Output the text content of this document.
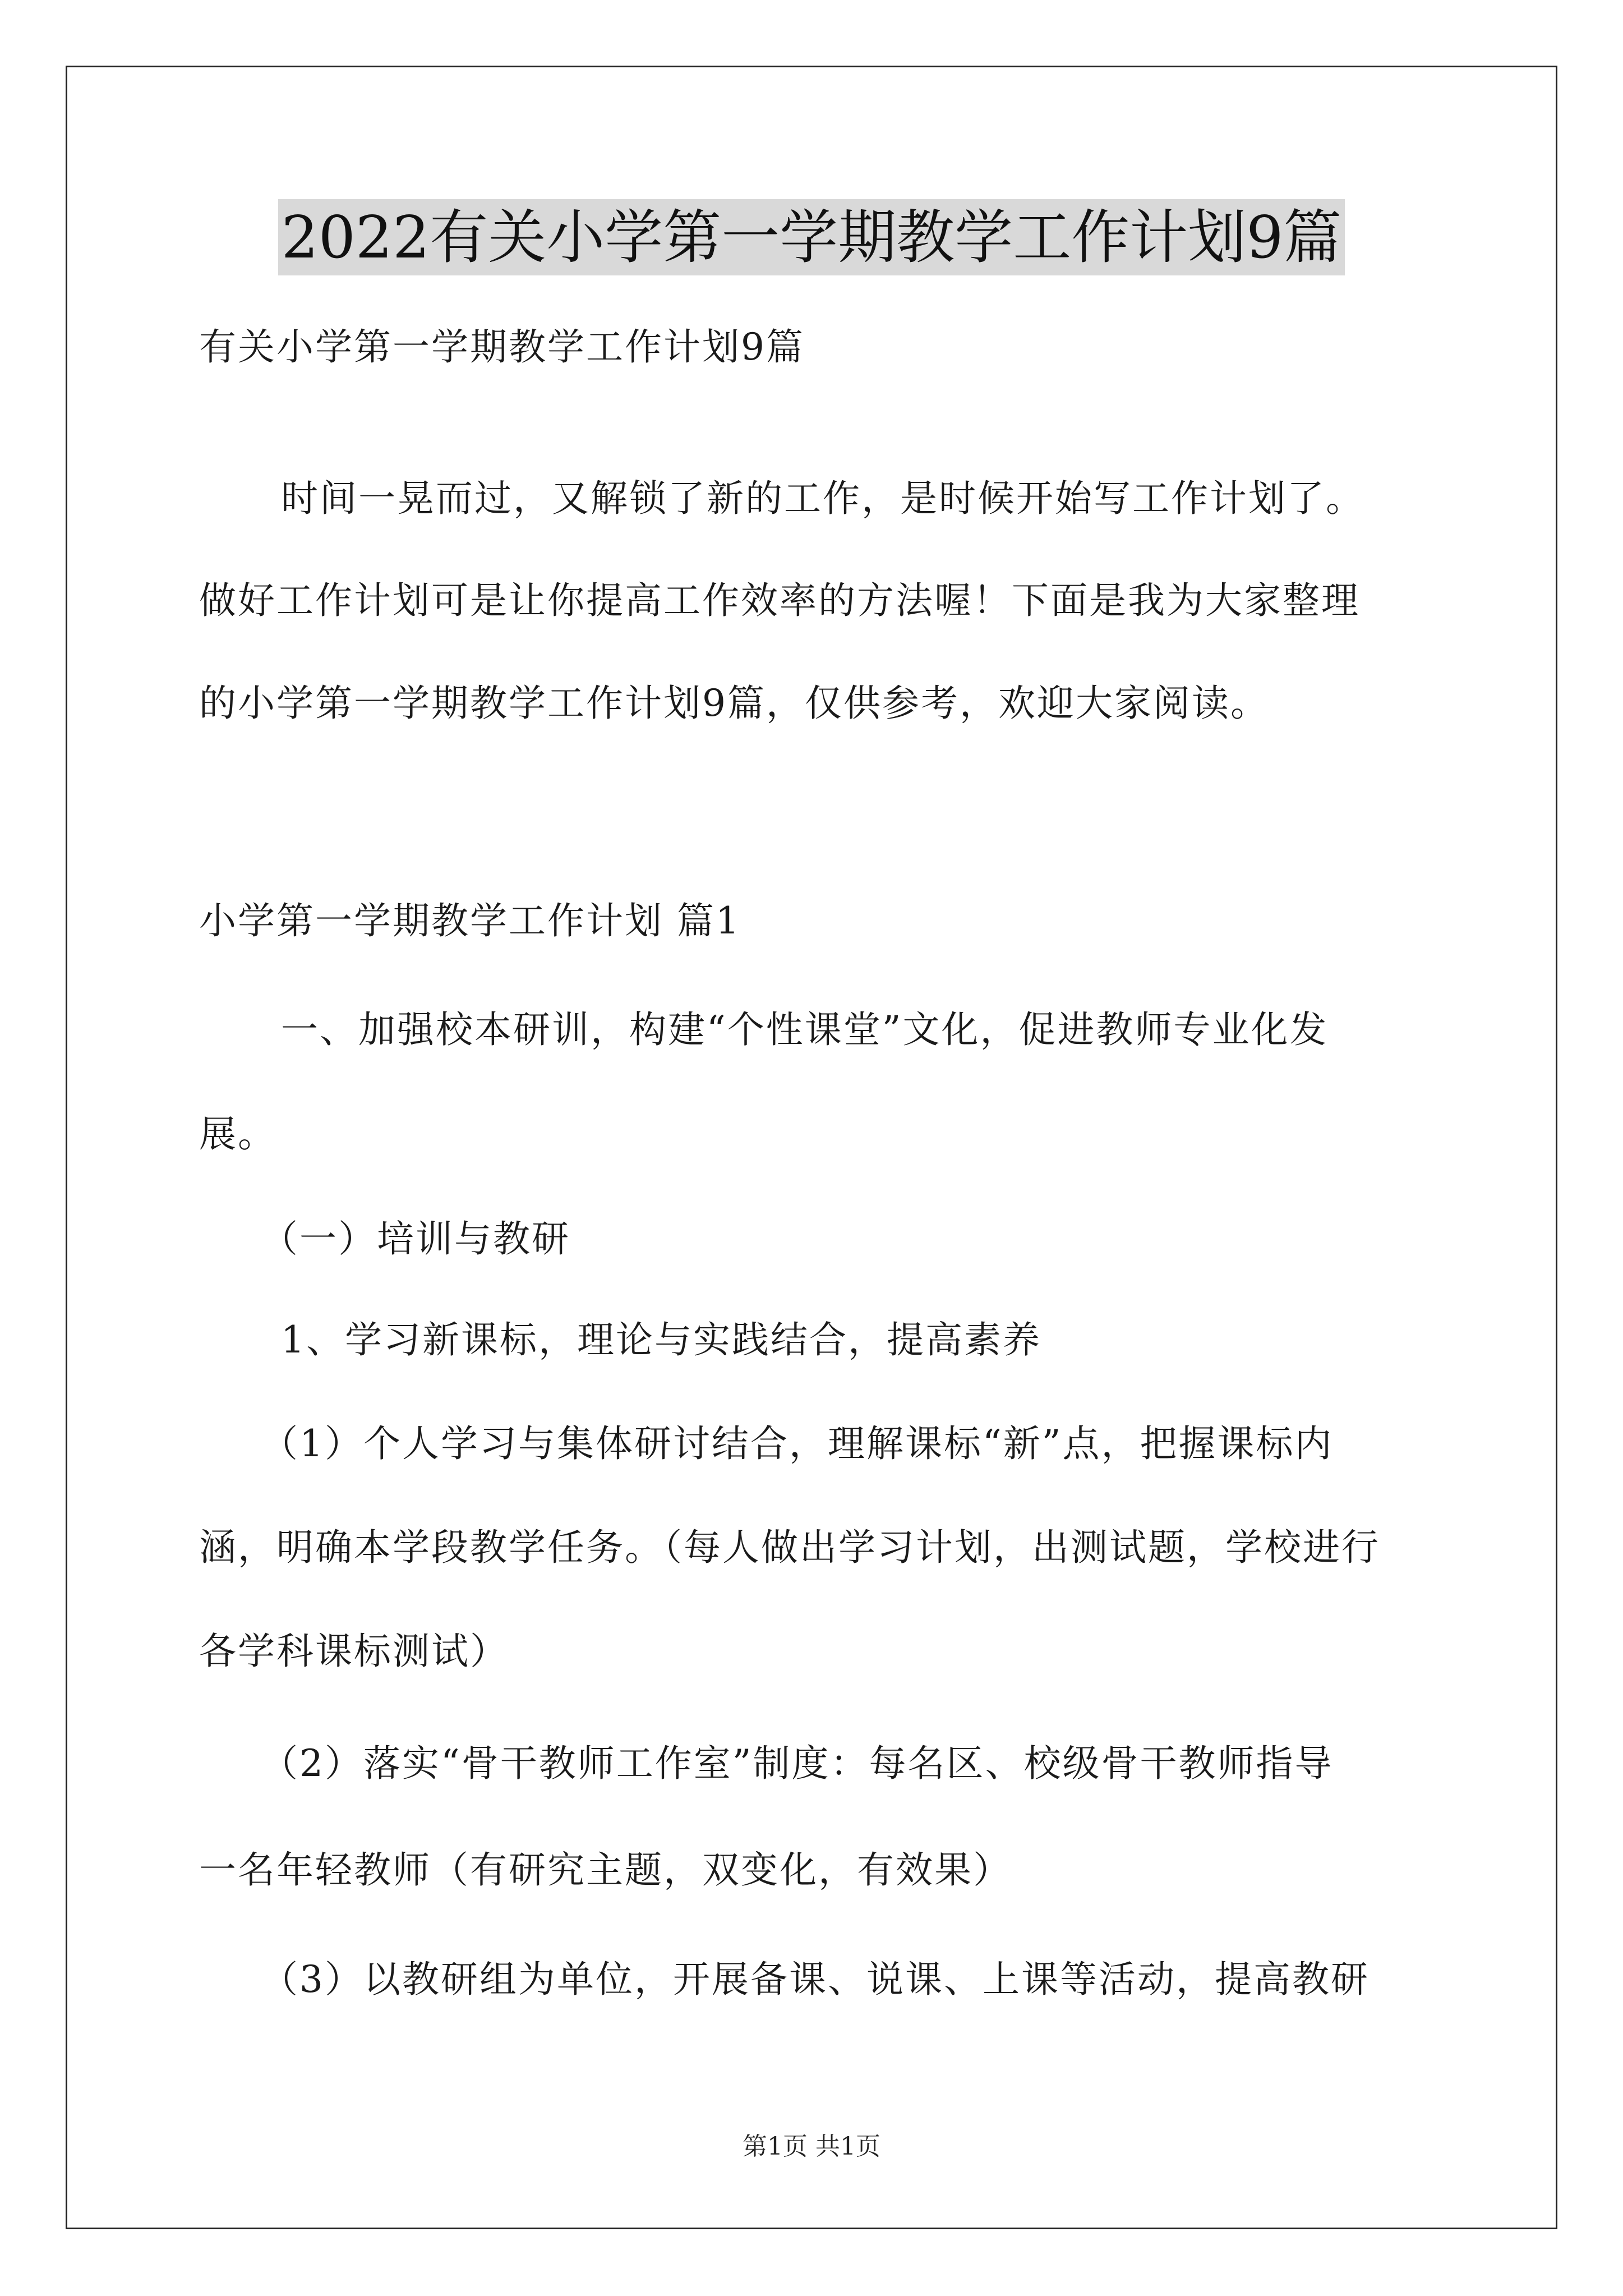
2022有关小学第一学期教学工作计划9篇
有关小学第一学期教学工作计划9篇
时间一晃而过，又解锁了新的工作，是时候开始写工作计划了。
做好工作计划可是让你提高工作效率的方法喔！下面是我为大家整理
的小学第一学期教学工作计划9篇，仅供参考，欢迎大家阅读。
小学第一学期教学工作计划 篇1
一、加强校本研训，构建“个性课堂”文化，促进教师专业化发
展。
（一）培训与教研
1、学习新课标，理论与实践结合，提高素养
（1）个人学习与集体研讨结合，理解课标“新”点，把握课标内
涵，明确本学段教学任务。（每人做出学习计划，出测试题，学校进行
各学科课标测试）
（2）落实“骨干教师工作室”制度：每名区、校级骨干教师指导
一名年轻教师（有研究主题，双变化，有效果）
（3）以教研组为单位，开展备课、说课、上课等活动，提高教研
第1页 共1页
